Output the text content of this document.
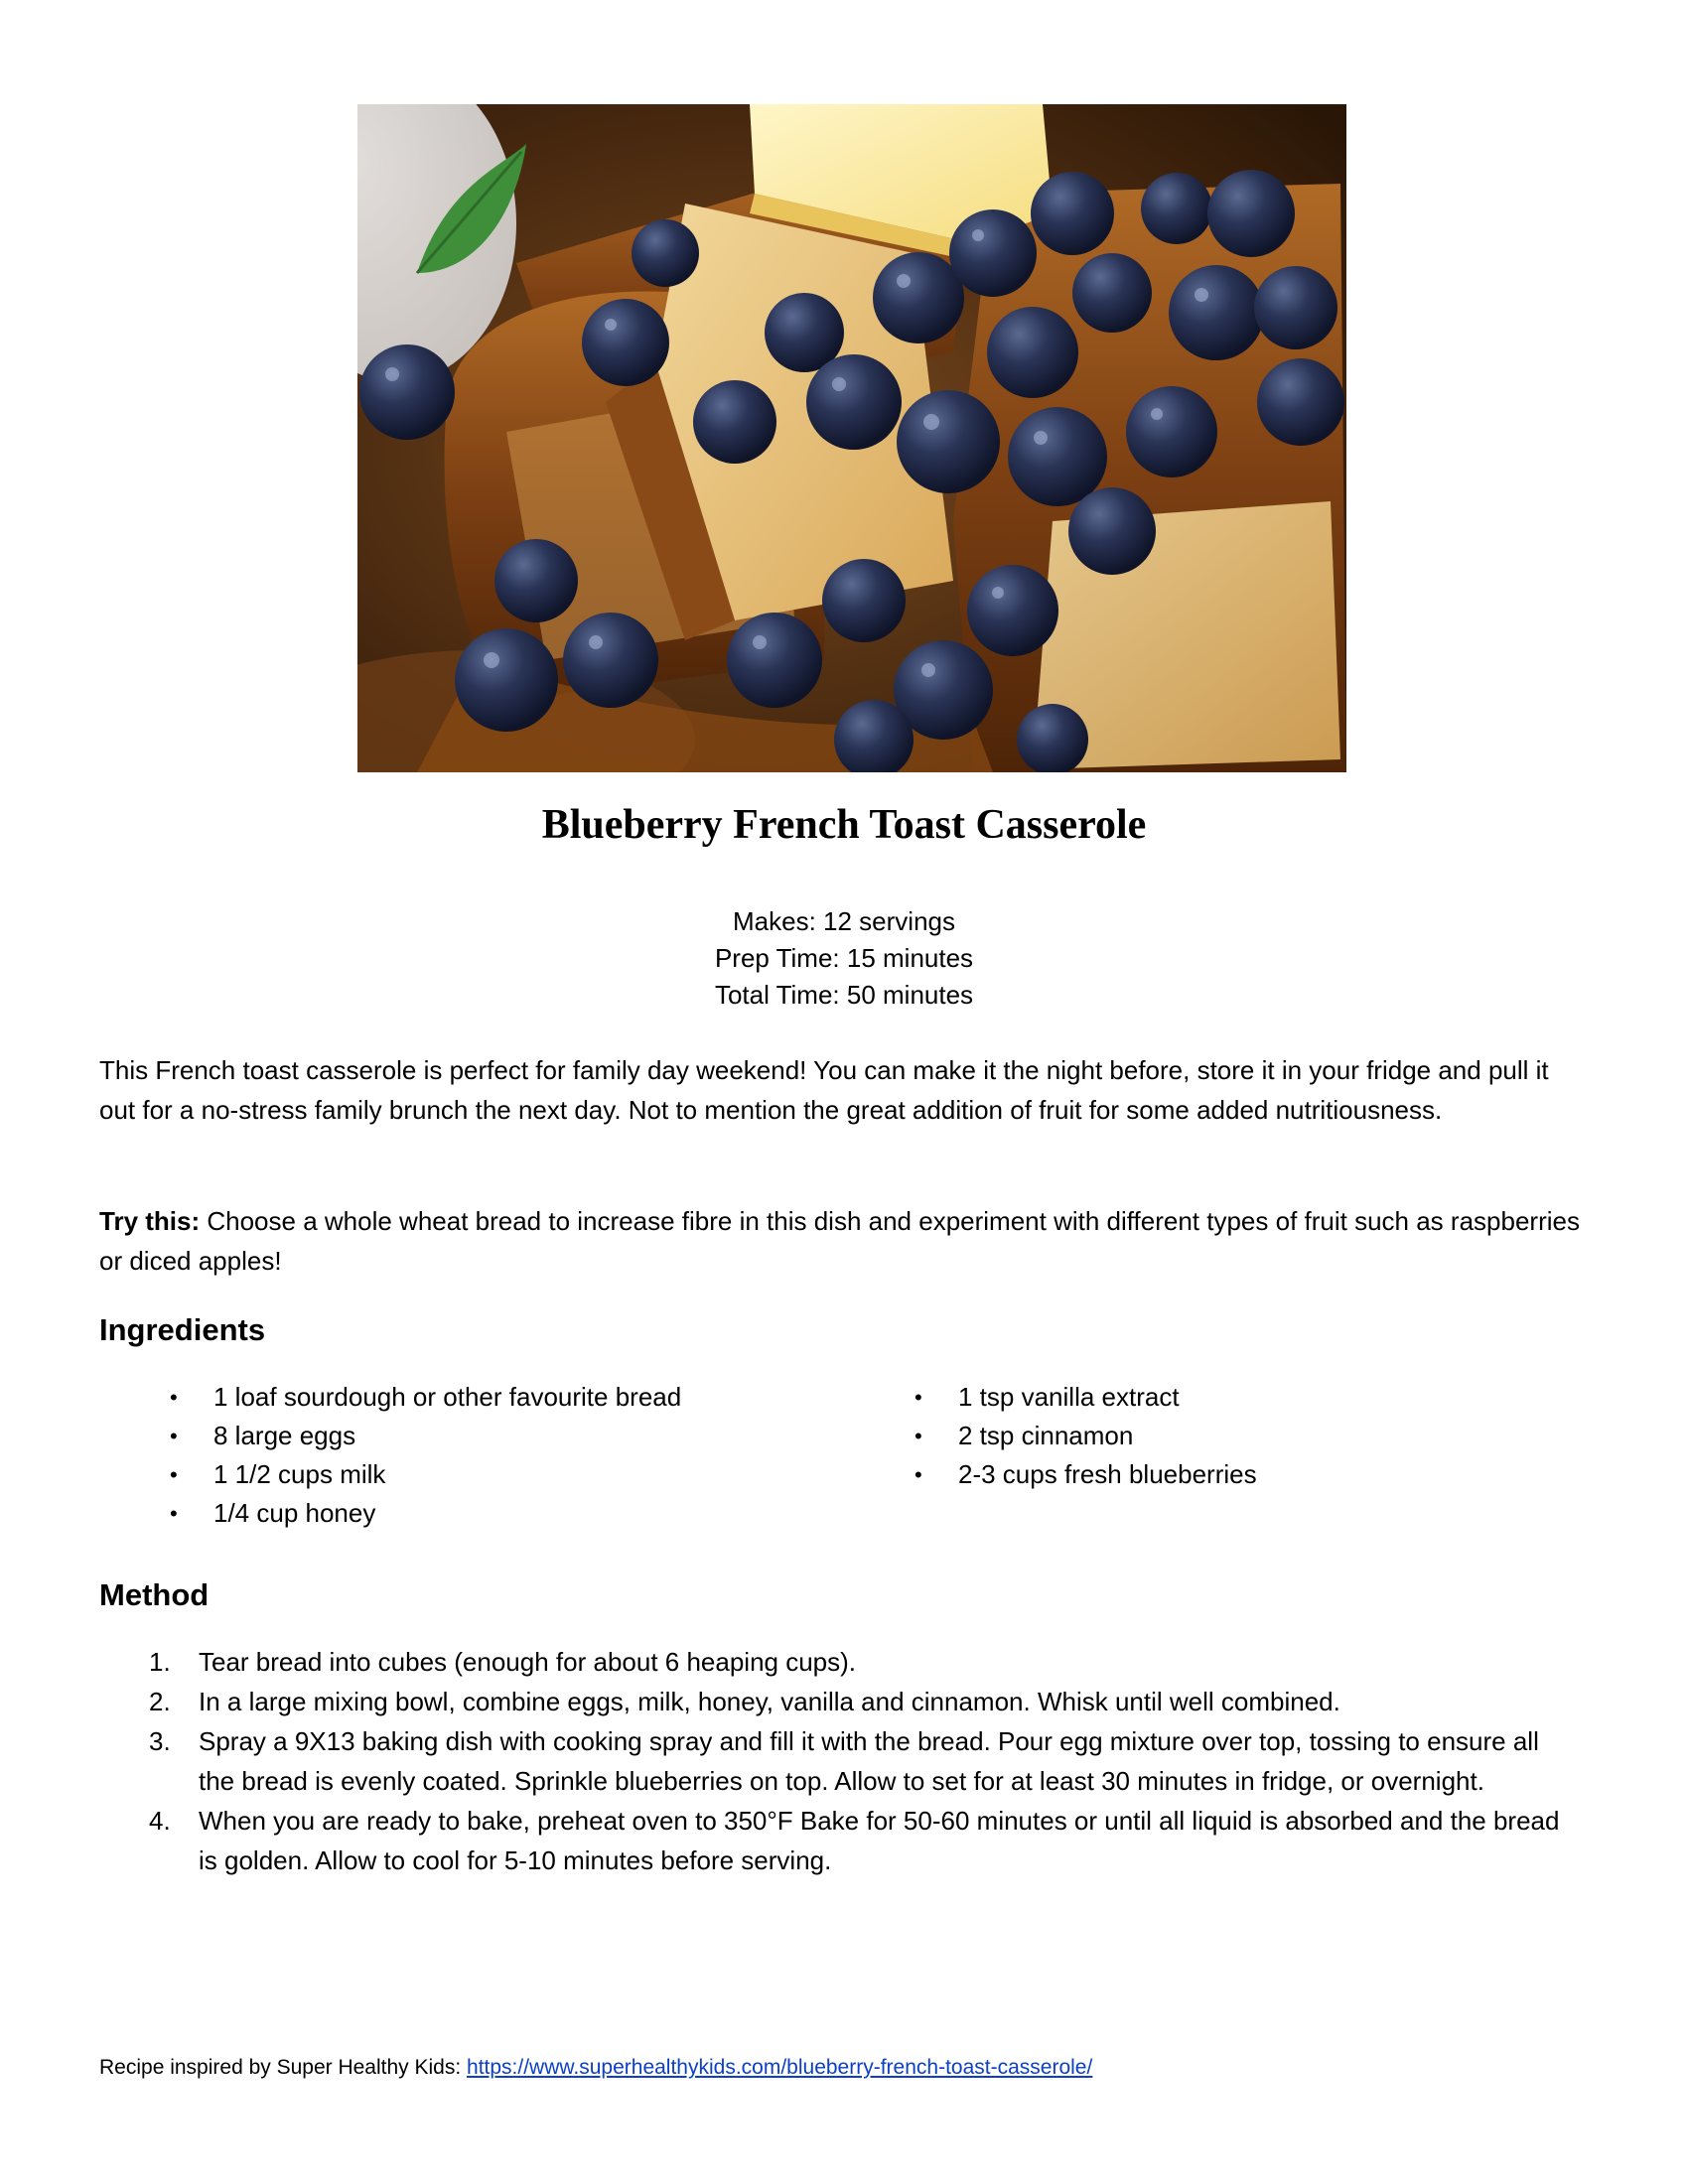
Blueberry French Toast Casserole
Makes: 12 servings
Prep Time: 15 minutes
Total Time: 50 minutes
This French toast casserole is perfect for family day weekend! You can make it the night before, store it in your fridge and pull it out for a no-stress family brunch the next day. Not to mention the great addition of fruit for some added nutritiousness.
Try this: Choose a whole wheat bread to increase fibre in this dish and experiment with different types of fruit such as raspberries or diced apples!
Ingredients
• 1 loaf sourdough or other favourite bread
• 8 large eggs
• 1 1/2 cups milk
• 1/4 cup honey
• 1 tsp vanilla extract
• 2 tsp cinnamon
• 2-3 cups fresh blueberries
Method
1. Tear bread into cubes (enough for about 6 heaping cups).
2. In a large mixing bowl, combine eggs, milk, honey, vanilla and cinnamon. Whisk until well combined.
3. Spray a 9X13 baking dish with cooking spray and fill it with the bread. Pour egg mixture over top, tossing to ensure all the bread is evenly coated. Sprinkle blueberries on top. Allow to set for at least 30 minutes in fridge, or overnight.
4. When you are ready to bake, preheat oven to 350°F Bake for 50-60 minutes or until all liquid is absorbed and the bread is golden. Allow to cool for 5-10 minutes before serving.
Recipe inspired by Super Healthy Kids: https://www.superhealthykids.com/blueberry-french-toast-casserole/
